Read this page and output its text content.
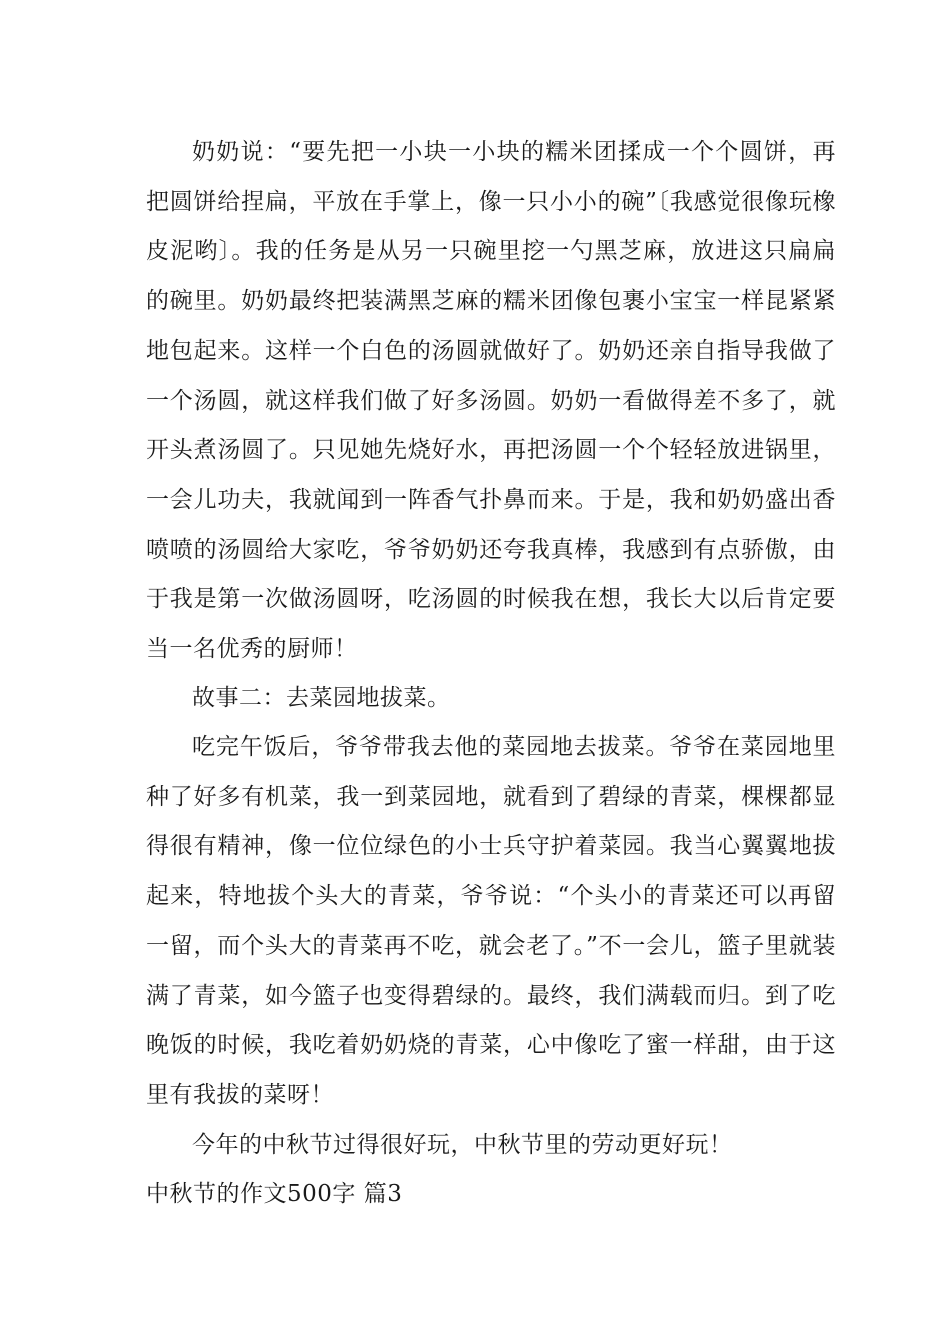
奶奶说：“要先把一小块一小块的糯米团揉成一个个圆饼，再把圆饼给捏扁，平放在手掌上，像一只小小的碗”〔我感觉很像玩橡皮泥哟〕。我的任务是从另一只碗里挖一勺黑芝麻，放进这只扁扁的碗里。奶奶最终把装满黑芝麻的糯米团像包裹小宝宝一样昆紧紧地包起来。这样一个白色的汤圆就做好了。奶奶还亲自指导我做了一个汤圆，就这样我们做了好多汤圆。奶奶一看做得差不多了，就开头煮汤圆了。只见她先烧好水，再把汤圆一个个轻轻放进锅里，一会儿功夫，我就闻到一阵香气扑鼻而来。于是，我和奶奶盛出香喷喷的汤圆给大家吃，爷爷奶奶还夸我真棒，我感到有点骄傲，由于我是第一次做汤圆呀，吃汤圆的时候我在想，我长大以后肯定要当一名优秀的厨师！

故事二：去菜园地拔菜。

吃完午饭后，爷爷带我去他的菜园地去拔菜。爷爷在菜园地里种了好多有机菜，我一到菜园地，就看到了碧绿的青菜，棵棵都显得很有精神，像一位位绿色的小士兵守护着菜园。我当心翼翼地拔起来，特地拔个头大的青菜，爷爷说：“个头小的青菜还可以再留一留，而个头大的青菜再不吃，就会老了。”不一会儿，篮子里就装满了青菜，如今篮子也变得碧绿的。最终，我们满载而归。到了吃晚饭的时候，我吃着奶奶烧的青菜，心中像吃了蜜一样甜，由于这里有我拔的菜呀！

今年的中秋节过得很好玩，中秋节里的劳动更好玩！

中秋节的作文500字 篇3
